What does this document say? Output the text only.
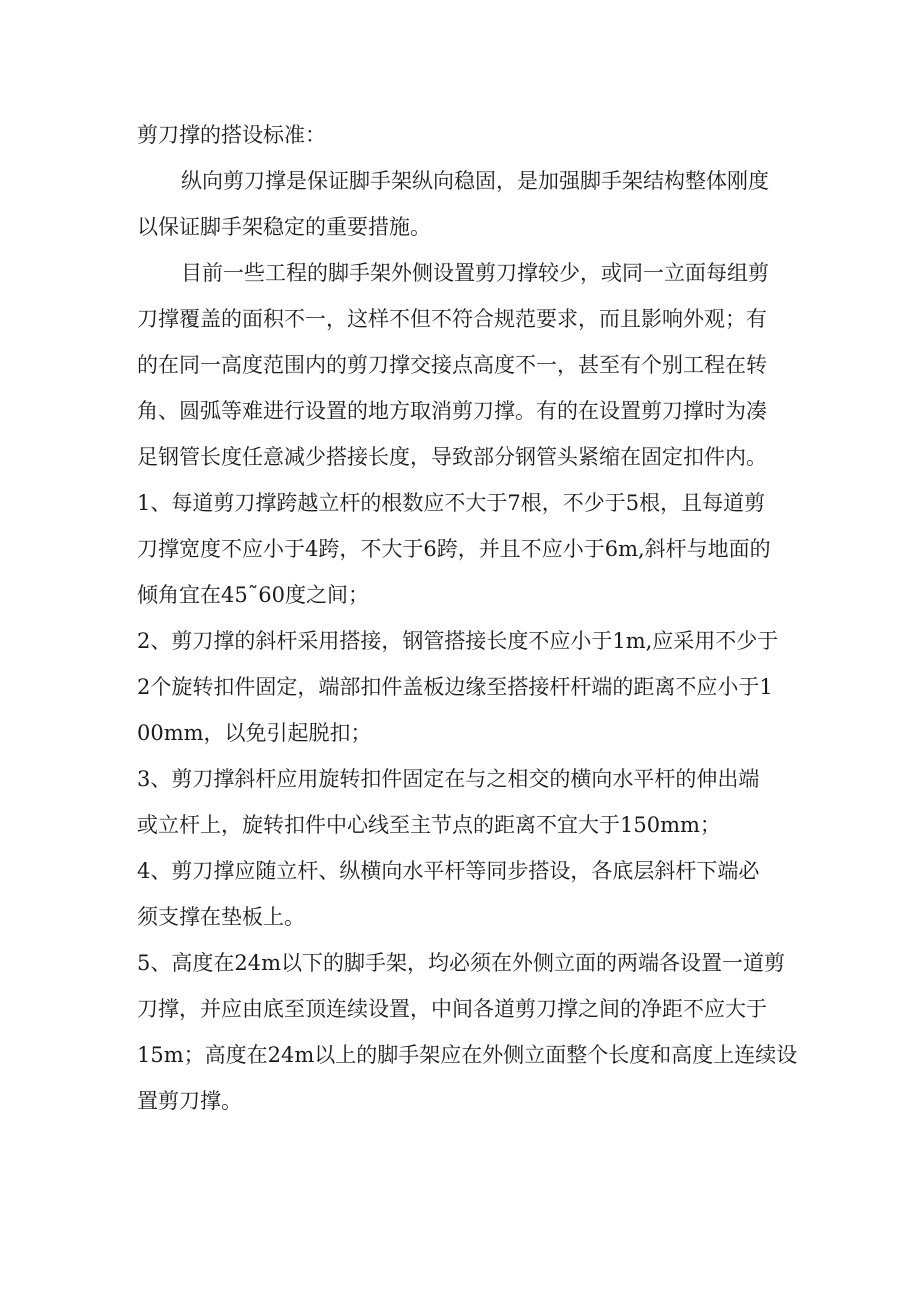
剪刀撑的搭设标准：
纵向剪刀撑是保证脚手架纵向稳固，是加强脚手架结构整体刚度
以保证脚手架稳定的重要措施。
目前一些工程的脚手架外侧设置剪刀撑较少，或同一立面每组剪
刀撑覆盖的面积不一，这样不但不符合规范要求，而且影响外观；有
的在同一高度范围内的剪刀撑交接点高度不一，甚至有个别工程在转
角、圆弧等难进行设置的地方取消剪刀撑。有的在设置剪刀撑时为凑
足钢管长度任意减少搭接长度，导致部分钢管头紧缩在固定扣件内。
1、每道剪刀撑跨越立杆的根数应不大于7根，不少于5根，且每道剪
刀撑宽度不应小于4跨，不大于6跨，并且不应小于6m,斜杆与地面的
倾角宜在45˜60度之间；
2、剪刀撑的斜杆采用搭接，钢管搭接长度不应小于1m,应采用不少于
2个旋转扣件固定，端部扣件盖板边缘至搭接杆杆端的距离不应小于1
00mm，以免引起脱扣；
3、剪刀撑斜杆应用旋转扣件固定在与之相交的横向水平杆的伸出端
或立杆上，旋转扣件中心线至主节点的距离不宜大于150mm；
4、剪刀撑应随立杆、纵横向水平杆等同步搭设，各底层斜杆下端必
须支撑在垫板上。
5、高度在24m以下的脚手架，均必须在外侧立面的两端各设置一道剪
刀撑，并应由底至顶连续设置，中间各道剪刀撑之间的净距不应大于
15m；高度在24m以上的脚手架应在外侧立面整个长度和高度上连续设
置剪刀撑。
